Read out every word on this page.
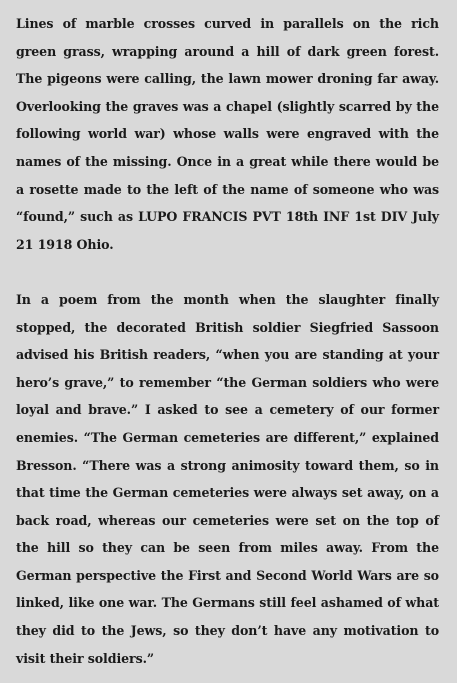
Lines of marble crosses curved in parallels on the rich green grass, wrapping around a hill of dark green forest. The pigeons were calling, the lawn mower droning far away. Overlooking the graves was a chapel (slightly scarred by the following world war) whose walls were engraved with the names of the missing. Once in a great while there would be a rosette made to the left of the name of someone who was “found,” such as LUPO FRANCIS PVT 18th INF 1st DIV July 21 1918 Ohio.

In a poem from the month when the slaughter finally stopped, the decorated British soldier Siegfried Sassoon advised his British readers, “when you are standing at your hero’s grave,” to remember “the German soldiers who were loyal and brave.” I asked to see a cemetery of our former enemies. “The German cemeteries are different,” explained Bresson. “There was a strong animosity toward them, so in that time the German cemeteries were always set away, on a back road, whereas our cemeteries were set on the top of the hill so they can be seen from miles away. From the German perspective the First and Second World Wars are so linked, like one war. The Germans still feel ashamed of what they did to the Jews, so they don’t have any motivation to visit their soldiers.”
